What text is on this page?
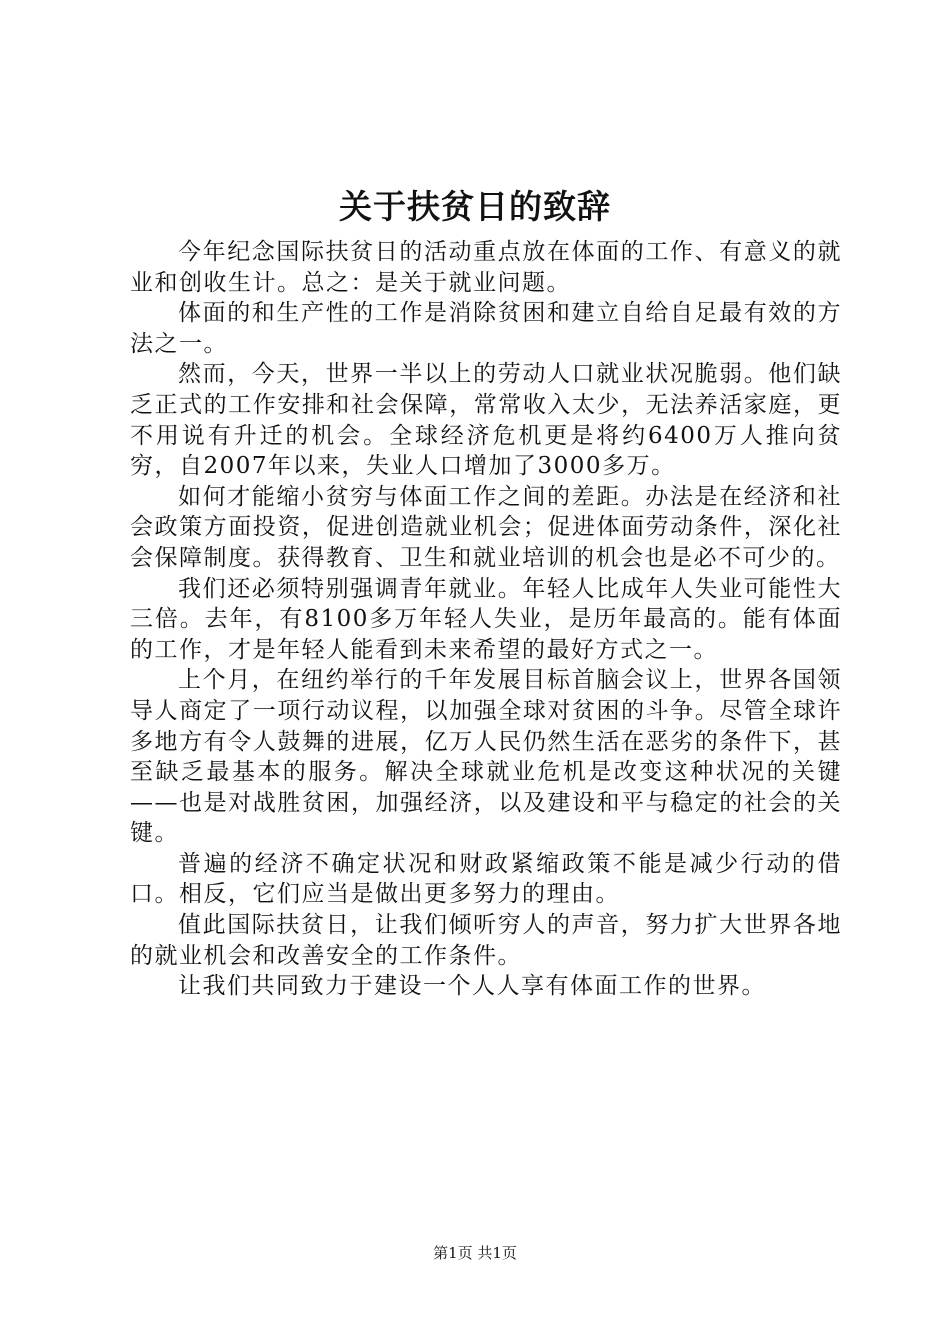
关于扶贫日的致辞

今年纪念国际扶贫日的活动重点放在体面的工作、有意义的就业和创收生计。总之：是关于就业问题。

体面的和生产性的工作是消除贫困和建立自给自足最有效的方法之一。

然而，今天，世界一半以上的劳动人口就业状况脆弱。他们缺乏正式的工作安排和社会保障，常常收入太少，无法养活家庭，更不用说有升迁的机会。全球经济危机更是将约6400万人推向贫穷，自2007年以来，失业人口增加了3000多万。

如何才能缩小贫穷与体面工作之间的差距。办法是在经济和社会政策方面投资，促进创造就业机会；促进体面劳动条件，深化社会保障制度。获得教育、卫生和就业培训的机会也是必不可少的。

我们还必须特别强调青年就业。年轻人比成年人失业可能性大三倍。去年，有8100多万年轻人失业，是历年最高的。能有体面的工作，才是年轻人能看到未来希望的最好方式之一。

上个月，在纽约举行的千年发展目标首脑会议上，世界各国领导人商定了一项行动议程，以加强全球对贫困的斗争。尽管全球许多地方有令人鼓舞的进展，亿万人民仍然生活在恶劣的条件下，甚至缺乏最基本的服务。解决全球就业危机是改变这种状况的关键——也是对战胜贫困，加强经济，以及建设和平与稳定的社会的关键。

普遍的经济不确定状况和财政紧缩政策不能是减少行动的借口。相反，它们应当是做出更多努力的理由。

值此国际扶贫日，让我们倾听穷人的声音，努力扩大世界各地的就业机会和改善安全的工作条件。

让我们共同致力于建设一个人人享有体面工作的世界。

第1页 共1页
